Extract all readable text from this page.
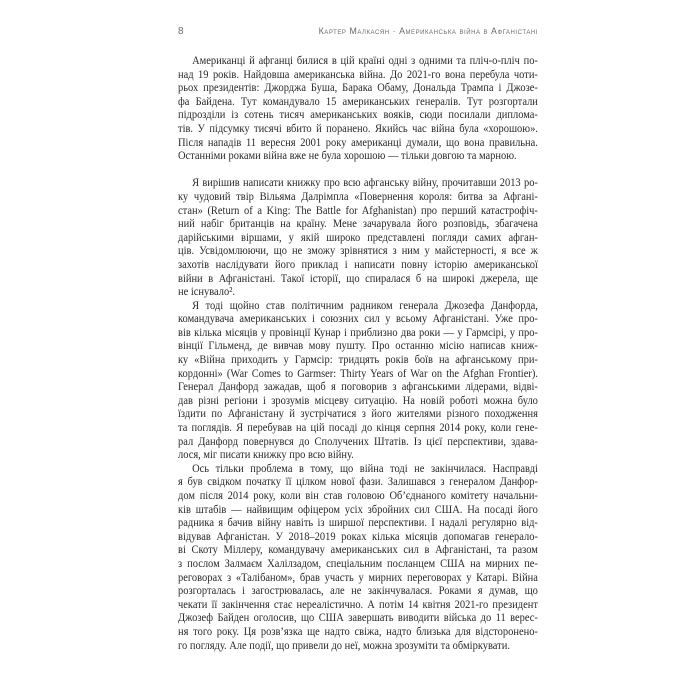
8	Картер Малкасян · Американська війна в Афганістані
Американці й афганці билися в цій країні одні з одними та пліч-о-пліч по-
над 19 років. Найдовша американська війна. До 2021-го вона перебула чоти-
рьох президентів: Джорджа Буша, Барака Обаму, Дональда Трампа і Джозе-
фа Байдена. Тут командувало 15 американських генералів. Тут розгортали
підрозділи із сотень тисяч американських вояків, сюди посилали диплома-
тів. У підсумку тисячі вбито й поранено. Якийсь час війна була «хорошою».
Після нападів 11 вересня 2001 року американці думали, що вона правильна.
Останніми роками війна вже не була хорошою — тільки довгою та марною.
Я вирішив написати книжку про всю афганську війну, прочитавши 2013 ро-
ку чудовий твір Вільяма Далрімпла «Повернення короля: битва за Афгані-
стан» (Return of a King: The Battle for Afghanistan) про перший катастрофіч-
ний набіг британців на країну. Мене зачарувала його розповідь, збагачена
дарійськими віршами, у якій широко представлені погляди самих афган-
ців. Усвідомлюючи, що не зможу зрівнятися з ним у майстерності, я все ж
захотів наслідувати його приклад і написати повну історію американської
війни в Афганістані. Такої історії, що спиралася б на широкі джерела, ще
не існувало².
Я тоді щойно став політичним радником генерала Джозефа Данфорда,
командувача американських і союзних сил у всьому Афганістані. Уже про-
вів кілька місяців у провінції Кунар і приблизно два роки — у Гармсірі, у про-
вінції Гільменд, де вивчав мову пушту. Про останню місію написав книж-
ку «Війна приходить у Гармсір: тридцять років боїв на афганському при-
кордонні» (War Comes to Garmser: Thirty Years of War on the Afghan Frontier).
Генерал Данфорд зажадав, щоб я поговорив з афганськими лідерами, відві-
дав різні регіони і зрозумів місцеву ситуацію. На новій роботі можна було
їздити по Афганістану й зустрічатися з його жителями різного походження
та поглядів. Я перебував на цій посаді до кінця серпня 2014 року, коли гене-
рал Данфорд повернувся до Сполучених Штатів. Із цієї перспективи, здава-
лося, міг писати книжку про всю війну.
Ось тільки проблема в тому, що війна тоді не закінчилася. Насправді
я був свідком початку її цілком нової фази. Залишався з генералом Данфор-
дом після 2014 року, коли він став головою Об’єднаного комітету начальни-
ків штабів — найвищим офіцером усіх збройних сил США. На посаді його
радника я бачив війну навіть із ширшої перспективи. І надалі регулярно від-
відував Афганістан. У 2018–2019 роках кілька місяців допомагав генерало-
ві Скоту Міллеру, командувачу американських сил в Афганістані, та разом
з послом Залмаєм Халілзадом, спеціальним посланцем США на мирних пе-
реговорах з «Талібаном», брав участь у мирних переговорах у Катарі. Війна
розгорталась і загострювалась, але не закінчувалася. Роками я думав, що
чекати її закінчення стає нереалістично. А потім 14 квітня 2021-го президент
Джозеф Байден оголосив, що США завершать виводити війська до 11 верес-
ня того року. Ця розв’язка ще надто свіжа, надто близька для відсторонено-
го погляду. Але події, що привели до неї, можна зрозуміти та обміркувати.
